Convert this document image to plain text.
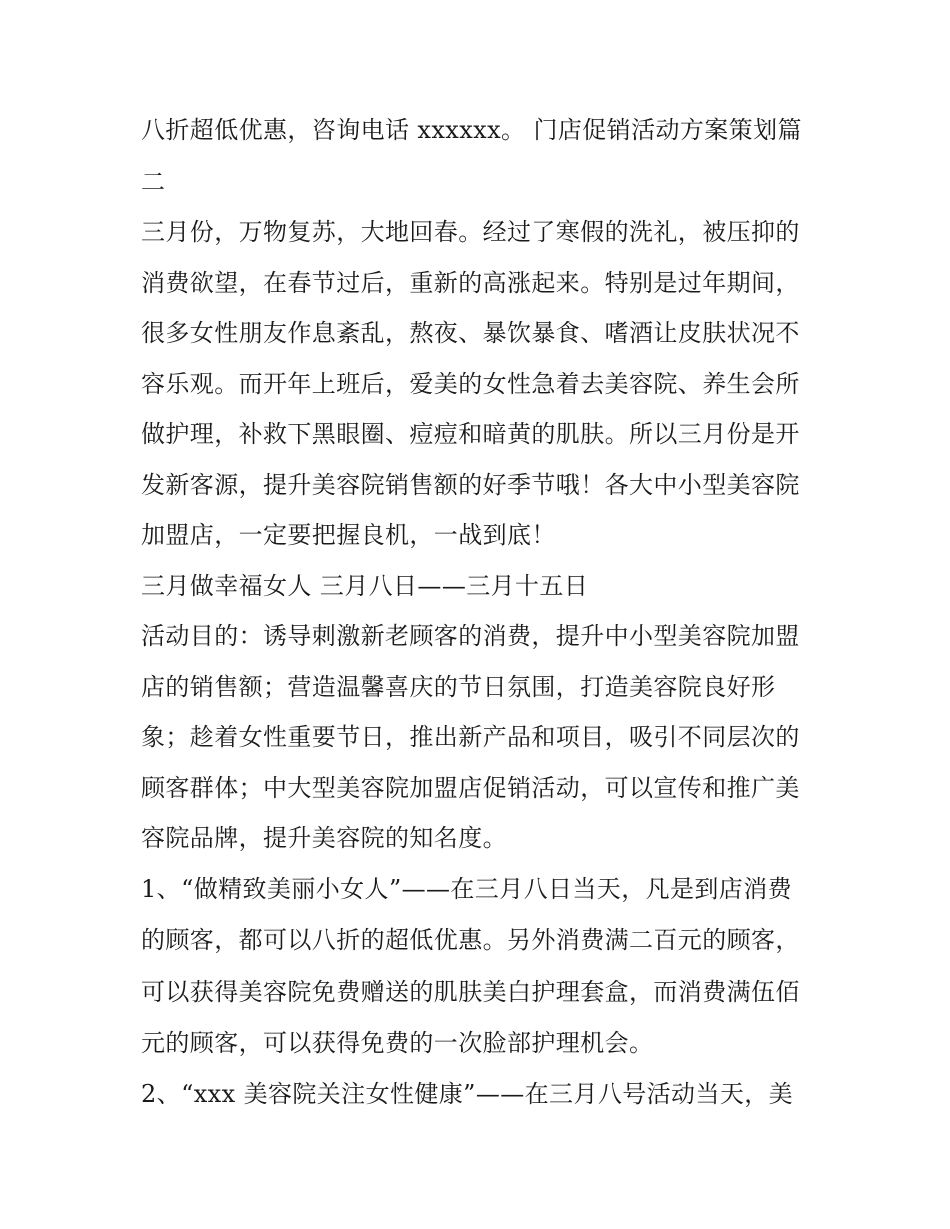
八折超低优惠，咨询电话 xxxxxx。 门店促销活动方案策划篇
二
三月份，万物复苏，大地回春。经过了寒假的洗礼，被压抑的
消费欲望，在春节过后，重新的高涨起来。特别是过年期间，
很多女性朋友作息紊乱，熬夜、暴饮暴食、嗜酒让皮肤状况不
容乐观。而开年上班后，爱美的女性急着去美容院、养生会所
做护理，补救下黑眼圈、痘痘和暗黄的肌肤。所以三月份是开
发新客源，提升美容院销售额的好季节哦！各大中小型美容院
加盟店，一定要把握良机，一战到底！
三月做幸福女人 三月八日——三月十五日
活动目的：诱导刺激新老顾客的消费，提升中小型美容院加盟
店的销售额；营造温馨喜庆的节日氛围，打造美容院良好形
象；趁着女性重要节日，推出新产品和项目，吸引不同层次的
顾客群体；中大型美容院加盟店促销活动，可以宣传和推广美
容院品牌，提升美容院的知名度。
1、“做精致美丽小女人”——在三月八日当天，凡是到店消费
的顾客，都可以八折的超低优惠。另外消费满二百元的顾客，
可以获得美容院免费赠送的肌肤美白护理套盒，而消费满伍佰
元的顾客，可以获得免费的一次脸部护理机会。
2、“xxx 美容院关注女性健康”——在三月八号活动当天，美
